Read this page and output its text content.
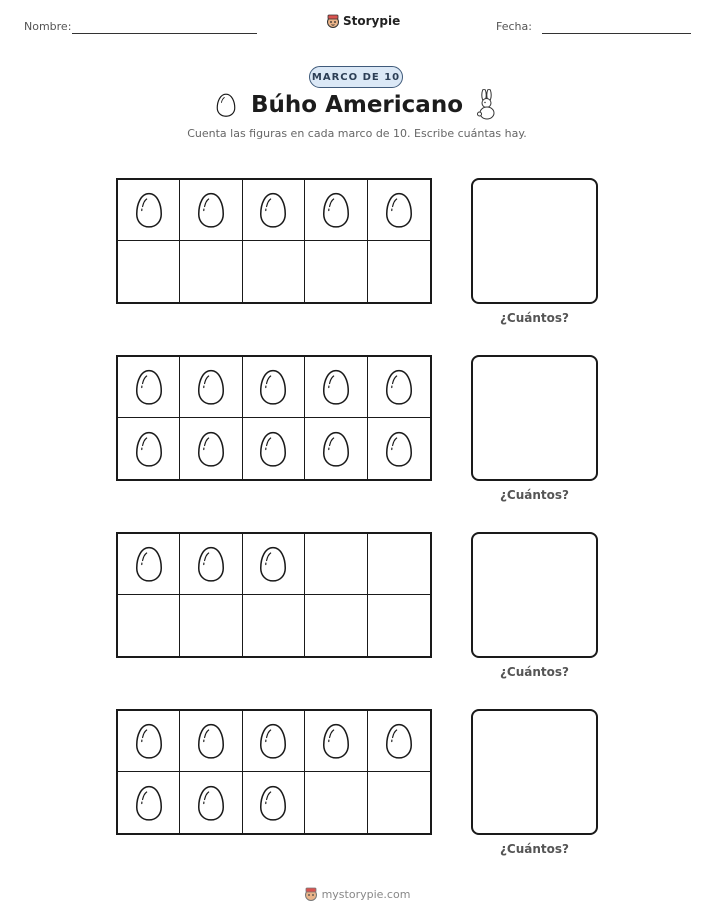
Nombre:	Storypie	Fecha:
MARCO DE 10
Búho Americano
Cuenta las figuras en cada marco de 10. Escribe cuántas hay.
¿Cuántos?
¿Cuántos?
¿Cuántos?
¿Cuántos?
mystorypie.com
